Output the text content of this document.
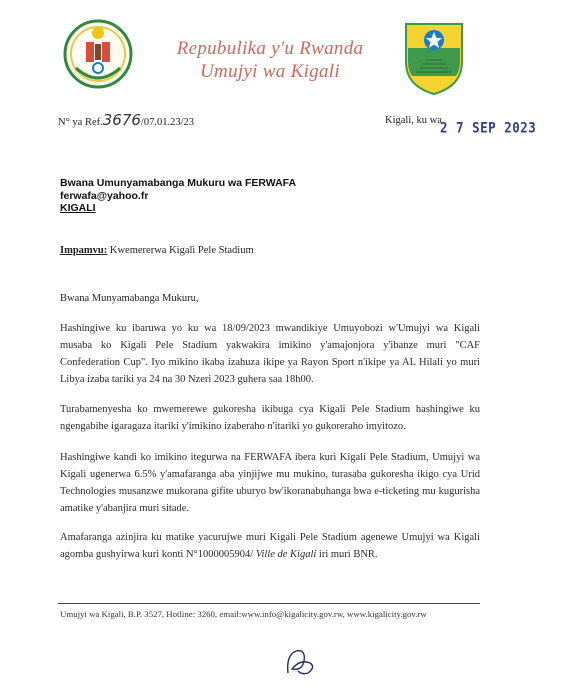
Repubulika y'u Rwanda
Umujyi wa Kigali
N° ya Ref.3676/07.01.23/23	Kigali, ku wa
2 7 SEP 2023
Bwana Umunyamabanga Mukuru wa FERWAFA
ferwafa@yahoo.fr
KIGALI
Impamvu: Kwemererwa Kigali Pele Stadium
Bwana Munyamabanga Mukuru,
Hashingiwe ku ibaruwa yo ku wa 18/09/2023 mwandikiye Umuyobozi w'Umujyi wa Kigali musaba ko Kigali Pele Stadium yakwakira imikino y'amajonjora y'ibanze muri "CAF Confederation Cup". Iyo mikino ikaba izahuza ikipe ya Rayon Sport n'ikipe ya AL Hilali yo muri Libya izaba tariki ya 24 na 30 Nzeri 2023 guhera saa 18h00.
Turabamenyesha ko mwemerewe gukoresha ikibuga cya Kigali Pele Stadium hashingiwe ku ngengabihe igaragaza itariki y'imikino izaberaho n'itariki yo gukoreraho imyitozo.
Hashingiwe kandi ko imikino itegurwa na FERWAFA ibera kuri Kigali Pele Stadium, Umujyi wa Kigali ugenerwa 6.5% y'amafaranga aba yinjijwe mu mukino, turasaba gukoresha ikigo cya Urid Technologies musanzwe mukorana gifite uburyo bw'ikoranabuhanga bwa e-ticketing mu kugurisha amatike y'abanjira muri sitade.
Amafaranga azinjira ku matike yacurujwe muri Kigali Pele Stadium agenewe Umujyi wa Kigali agomba gushyirwa kuri konti N°1000005904/ Ville de Kigali iri muri BNR.
Umujyi wa Kigali, B.P. 3527, Hotline: 3260, email:www.info@kigalicity.gov.rw, www.kigalicity.gov.rw
